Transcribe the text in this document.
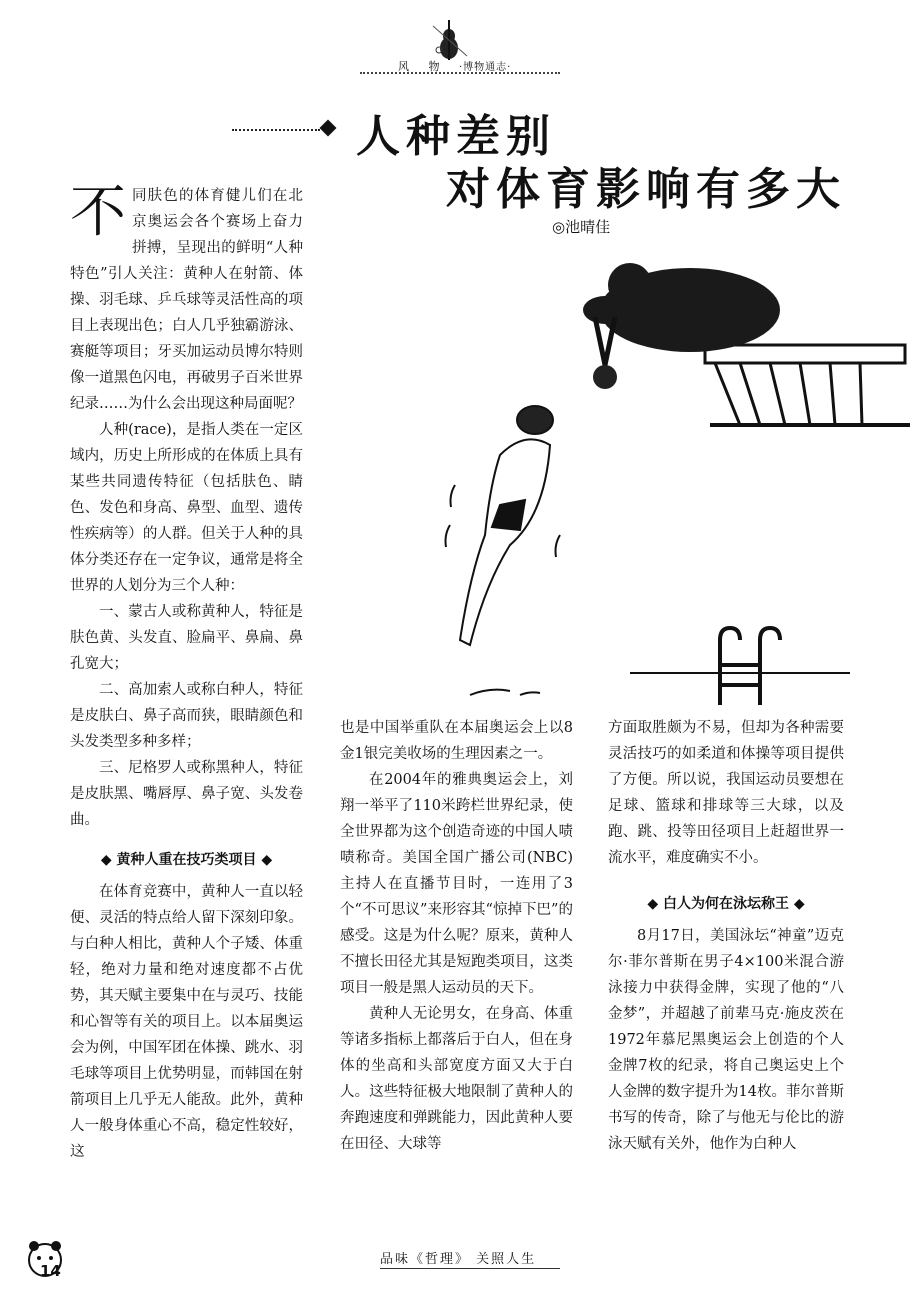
风 物 ·博物通志·
人种差别
对体育影响有多大
◎池晴佳

不同肤色的体育健儿们在北京奥运会各个赛场上奋力拼搏，呈现出的鲜明“人种特色”引人关注：黄种人在射箭、体操、羽毛球、乒乓球等灵活性高的项目上表现出色；白人几乎独霸游泳、赛艇等项目；牙买加运动员博尔特则像一道黑色闪电，再破男子百米世界纪录……为什么会出现这种局面呢？

人种(race)，是指人类在一定区域内，历史上所形成的在体质上具有某些共同遗传特征（包括肤色、睛色、发色和身高、鼻型、血型、遗传性疾病等）的人群。但关于人种的具体分类还存在一定争议，通常是将全世界的人划分为三个人种：

一、蒙古人或称黄种人，特征是肤色黄、头发直、脸扁平、鼻扁、鼻孔宽大；

二、高加索人或称白种人，特征是皮肤白、鼻子高而狭，眼睛颜色和头发类型多种多样；

三、尼格罗人或称黑种人，特征是皮肤黑、嘴唇厚、鼻子宽、头发卷曲。

◆ 黄种人重在技巧类项目 ◆

在体育竞赛中，黄种人一直以轻便、灵活的特点给人留下深刻印象。与白种人相比，黄种人个子矮、体重轻，绝对力量和绝对速度都不占优势，其天赋主要集中在与灵巧、技能和心智等有关的项目上。以本届奥运会为例，中国军团在体操、跳水、羽毛球等项目上优势明显，而韩国在射箭项目上几乎无人能敌。此外，黄种人一般身体重心不高，稳定性较好，这

也是中国举重队在本届奥运会上以8金1银完美收场的生理因素之一。

在2004年的雅典奥运会上，刘翔一举平了110米跨栏世界纪录，使全世界都为这个创造奇迹的中国人啧啧称奇。美国全国广播公司(NBC)主持人在直播节目时，一连用了3个“不可思议”来形容其“惊掉下巴”的感受。这是为什么呢？原来，黄种人不擅长田径尤其是短跑类项目，这类项目一般是黑人运动员的天下。

黄种人无论男女，在身高、体重等诸多指标上都落后于白人，但在身体的坐高和头部宽度方面又大于白人。这些特征极大地限制了黄种人的奔跑速度和弹跳能力，因此黄种人要在田径、大球等

方面取胜颇为不易，但却为各种需要灵活技巧的如柔道和体操等项目提供了方便。所以说，我国运动员要想在足球、篮球和排球等三大球，以及跑、跳、投等田径项目上赶超世界一流水平，难度确实不小。

◆ 白人为何在泳坛称王 ◆

8月17日，美国泳坛“神童”迈克尔·菲尔普斯在男子4×100米混合游泳接力中获得金牌，实现了他的“八金梦”，并超越了前辈马克·施皮茨在1972年慕尼黑奥运会上创造的个人金牌7枚的纪录，将自己奥运史上个人金牌的数字提升为14枚。菲尔普斯书写的传奇，除了与他无与伦比的游泳天赋有关外，他作为白种人

14
品味《哲理》 关照人生
